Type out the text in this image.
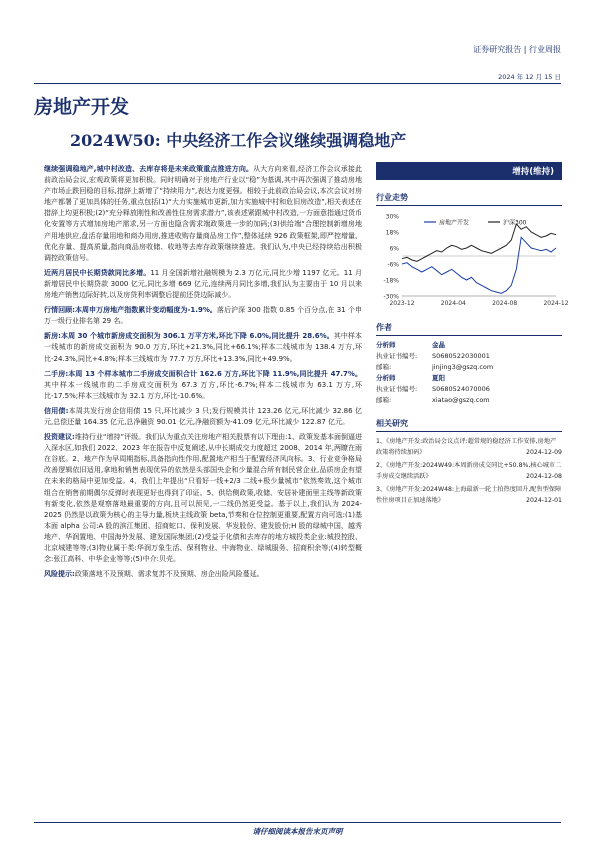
证券研究报告 | 行业周报
2024 年 12 月 15 日
房地产开发
2024W50: 中央经济工作会议继续强调稳地产

继续强调稳地产,城中村改造、去库存将是未来政策重点推进方向。从大方向来看,经济工作会议承接此前政治局会议,宏观政策将更加积极。同时明确对于房地产行业以“稳”为基调,其中再次强调了推动房地产市场止跌回稳的目标,措辞上新增了“持续用力”,表达力度更强。相较于此前政治局会议,本次会议对房地产都署了更加具体的任务,重点包括(1)“大力实施城市更新,加力实施城中村和危旧房改造”,相关表述在措辞上均更积极;(2)“充分释放刚性和改善性住房需求潜力”,该表述紧跟城中村改造,一方面意指通过货币化安置等方式增加房地产需求,另一方面也隐含需求端政策进一步的加码;(3)供给端“合理控制新增房地产用地供应,盘活存量用地和商办用房,推进收购存量商品房工作”,整体延续 926 政策框架,即严控增量、优化存量、提高质量,指向商品房收储、收地等去库存政策继续推进。我们认为,中央已经持续给出积极调控政策信号。

近两月居民中长期贷款同比多增。11 月全国新增社融规模为 2.3 万亿元,同比少增 1197 亿元。11 月新增居民中长期贷款 3000 亿元,同比多增 669 亿元,连续两月同比多增,我们认为主要由于 10 月以来房地产销售边际好转,以及房贷利率调整后提前还贷边际减少。

行情回顾:本周申万房地产指数累计变动幅度为-1.9%。落后沪深 300 指数 0.85 个百分点,在 31 个申万一级行业排名第 29 名。

新房:本周 30 个城市新房成交面积为 306.1 万平方米,环比下降 6.0%,同比提升 28.6%。其中样本一线城市的新房成交面积为 90.0 万方,环比+21.3%,同比+66.1%;样本二线城市为 138.4 万方,环比-24.3%,同比+4.8%;样本三线城市为 77.7 万方,环比+13.3%,同比+49.9%。

二手房:本周 13 个样本城市二手房成交面积合计 162.6 万方,环比下降 11.9%,同比提升 47.7%。其中样本一线城市的二手房成交面积为 67.3 万方,环比-6.7%;样本二线城市为 63.1 万方,环比-17.5%;样本三线城市为 32.1 万方,环比-10.6%。

信用债:本周共发行房企信用债 15 只,环比减少 3 只;发行规模共计 123.26 亿元,环比减少 32.86 亿元,总偿还量 164.35 亿元,总净融资 90.01 亿元,净融资额为-41.09 亿元,环比减少 122.87 亿元。

投资建议:维持行业“增持”评级。我们认为重点关注房地产相关股票有以下理由:1、政策发基本面倒逼进入深水区,如我们 2022、2023 年在报告中反复阐述,从中长期成交力度超过 2008、2014 年,两瞭在雨在谷底。2、地产作为早周期指标,具备指向性作用,配置地产相当于配置经济风向标。3、行业竞争格局改善逻辑依旧适用,拿地和销售表现优异的依然是头部国央企和少量混合所有制民营企业,品质房企有望在未来的格局中更加受益。4、我们上年提出“只看好一线+2/3 二线+极少量城市”依然奏效,这个城市组合在销售前期偶尔反弹时表现更好也得到了印证。5、供给侧政策,收储、安居补建面里主线等新政策有新变化,依然是观察落地最重要的方向,且可以预见,一二线仍然更受益。基于以上,我们认为 2024-2025 仍然是以政策为核心的主导力量,板块主线政策 beta,节奏和仓位控制更重要,配置方向可选:(1)基本面 alpha 公司:A 股的滨江集团、招商蛇口、保利发展、华发股份、建发股份;H 股的绿城中国、越秀地产、华润置地、中国海外发展、建发国际集团;(2)受益于化债和去库存的地方城投类企业:城投控股、北京城建等等;(3)物业属于类:华润万象生活、保利物业、中海物业、绿城服务、招商积余等;(4)转型概念:张江高科、中华企业等等;(5)中介:贝壳。

风险提示:政策落地不及预期、需求复苏不及预期、房企出险风险蔓延。

增持(维持)
行业走势
30%
18%
6%
-6%
-18%
-30%
2023-12	2024-04	2024-08	2024-12
房地产开发	沪深300
作者
分析师	金晶
执业证书编号:	S0680522030001
邮箱:	jinjing3@gszq.com
分析师	夏阳
执业证书编号:	S0680524070006
邮箱:	xiatao@gszq.com
相关研究
1、《房地产开发:政治局会议点评:超常规的稳经济工作安排,房地产政策将持续加码》	2024-12-09
2、《房地产开发:2024W49:本周新房成交同比+50.8%,核心城市二手房成交继续活跃》	2024-12-08
3、《房地产开发:2024W48:上海最新一轮土拍热度回升,配售型保障性住房项目正加速落地》	2024-12-01
请仔细阅读本报告末页声明
